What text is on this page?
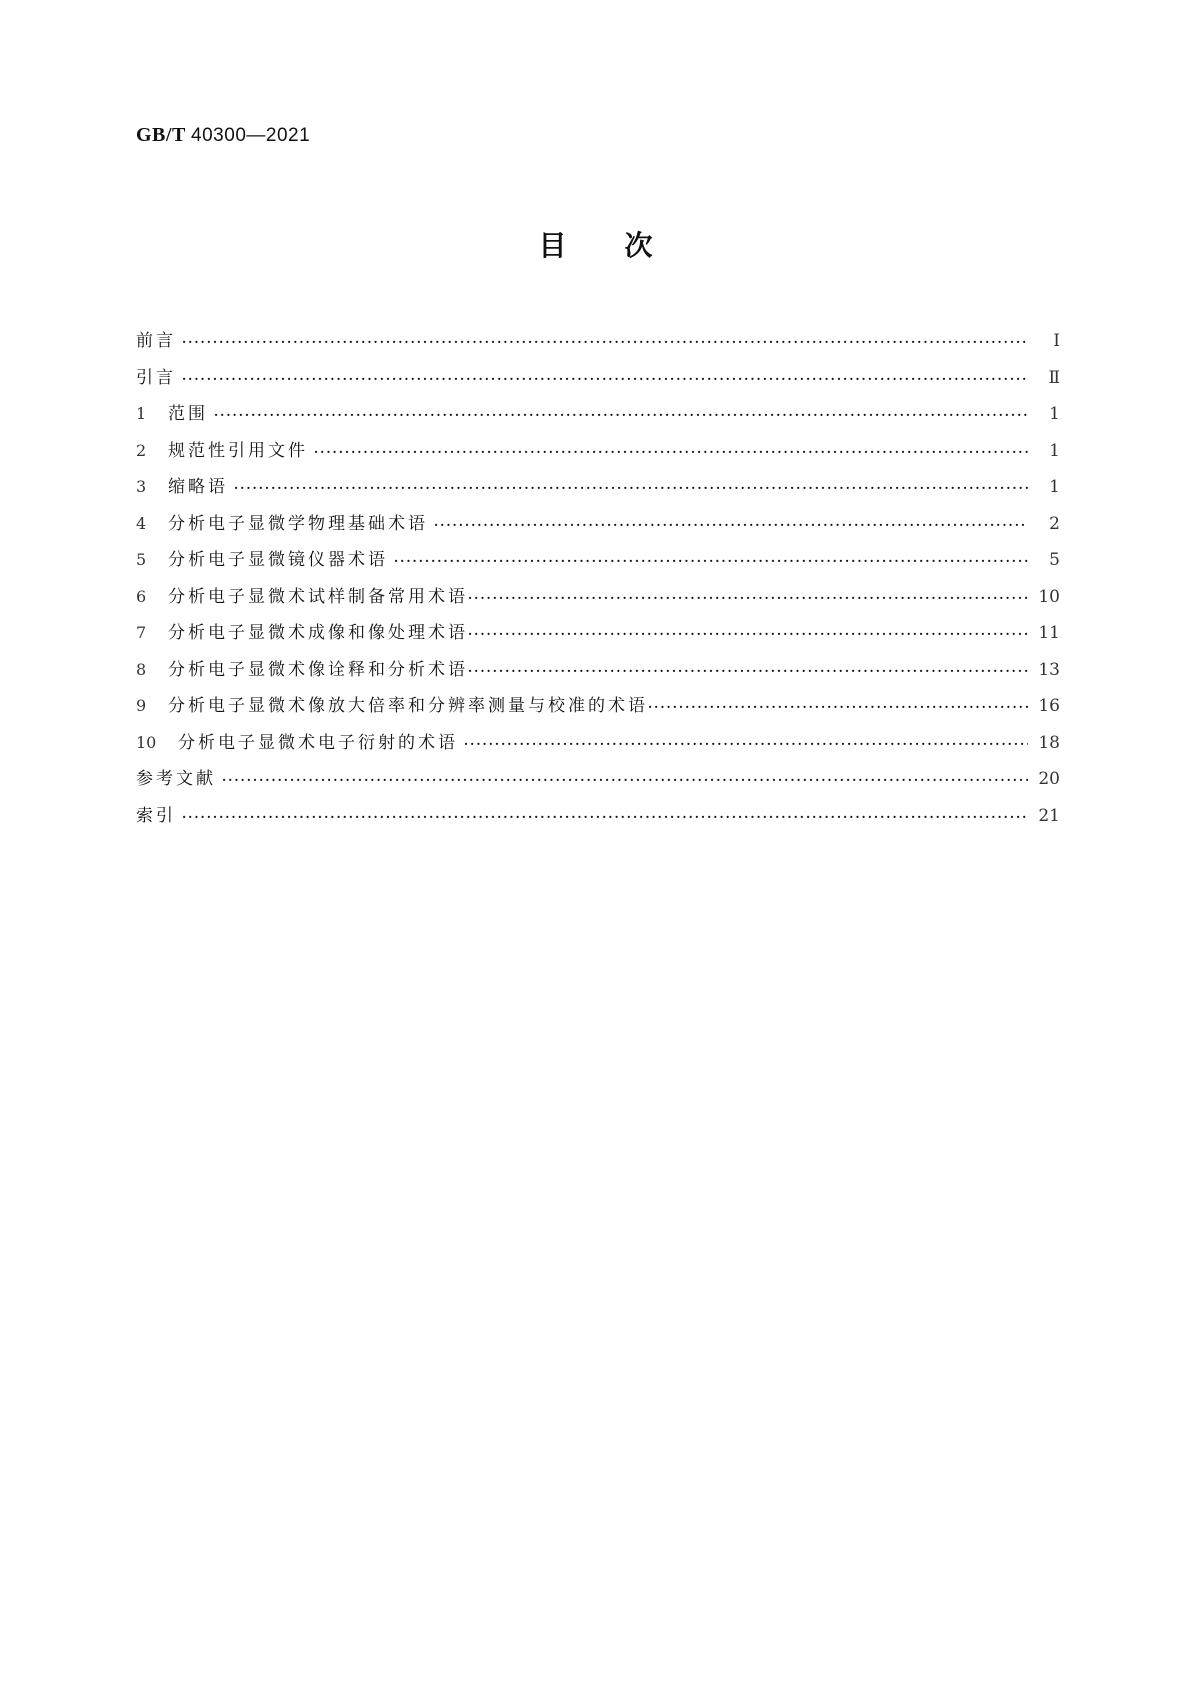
GB/T 40300—2021
目 次
前言 ·····	Ⅰ
引言 ·····	Ⅱ
1	范围 ·····	1
2	规范性引用文件 ·····	1
3	缩略语 ·····	1
4	分析电子显微学物理基础术语 ·····	2
5	分析电子显微镜仪器术语 ·····	5
6	分析电子显微术试样制备常用术语 ·····	10
7	分析电子显微术成像和像处理术语 ·····	11
8	分析电子显微术像诠释和分析术语 ·····	13
9	分析电子显微术像放大倍率和分辨率测量与校准的术语 ·····	16
10	分析电子显微术电子衍射的术语 ·····	18
参考文献 ·····	20
索引 ·····	21
